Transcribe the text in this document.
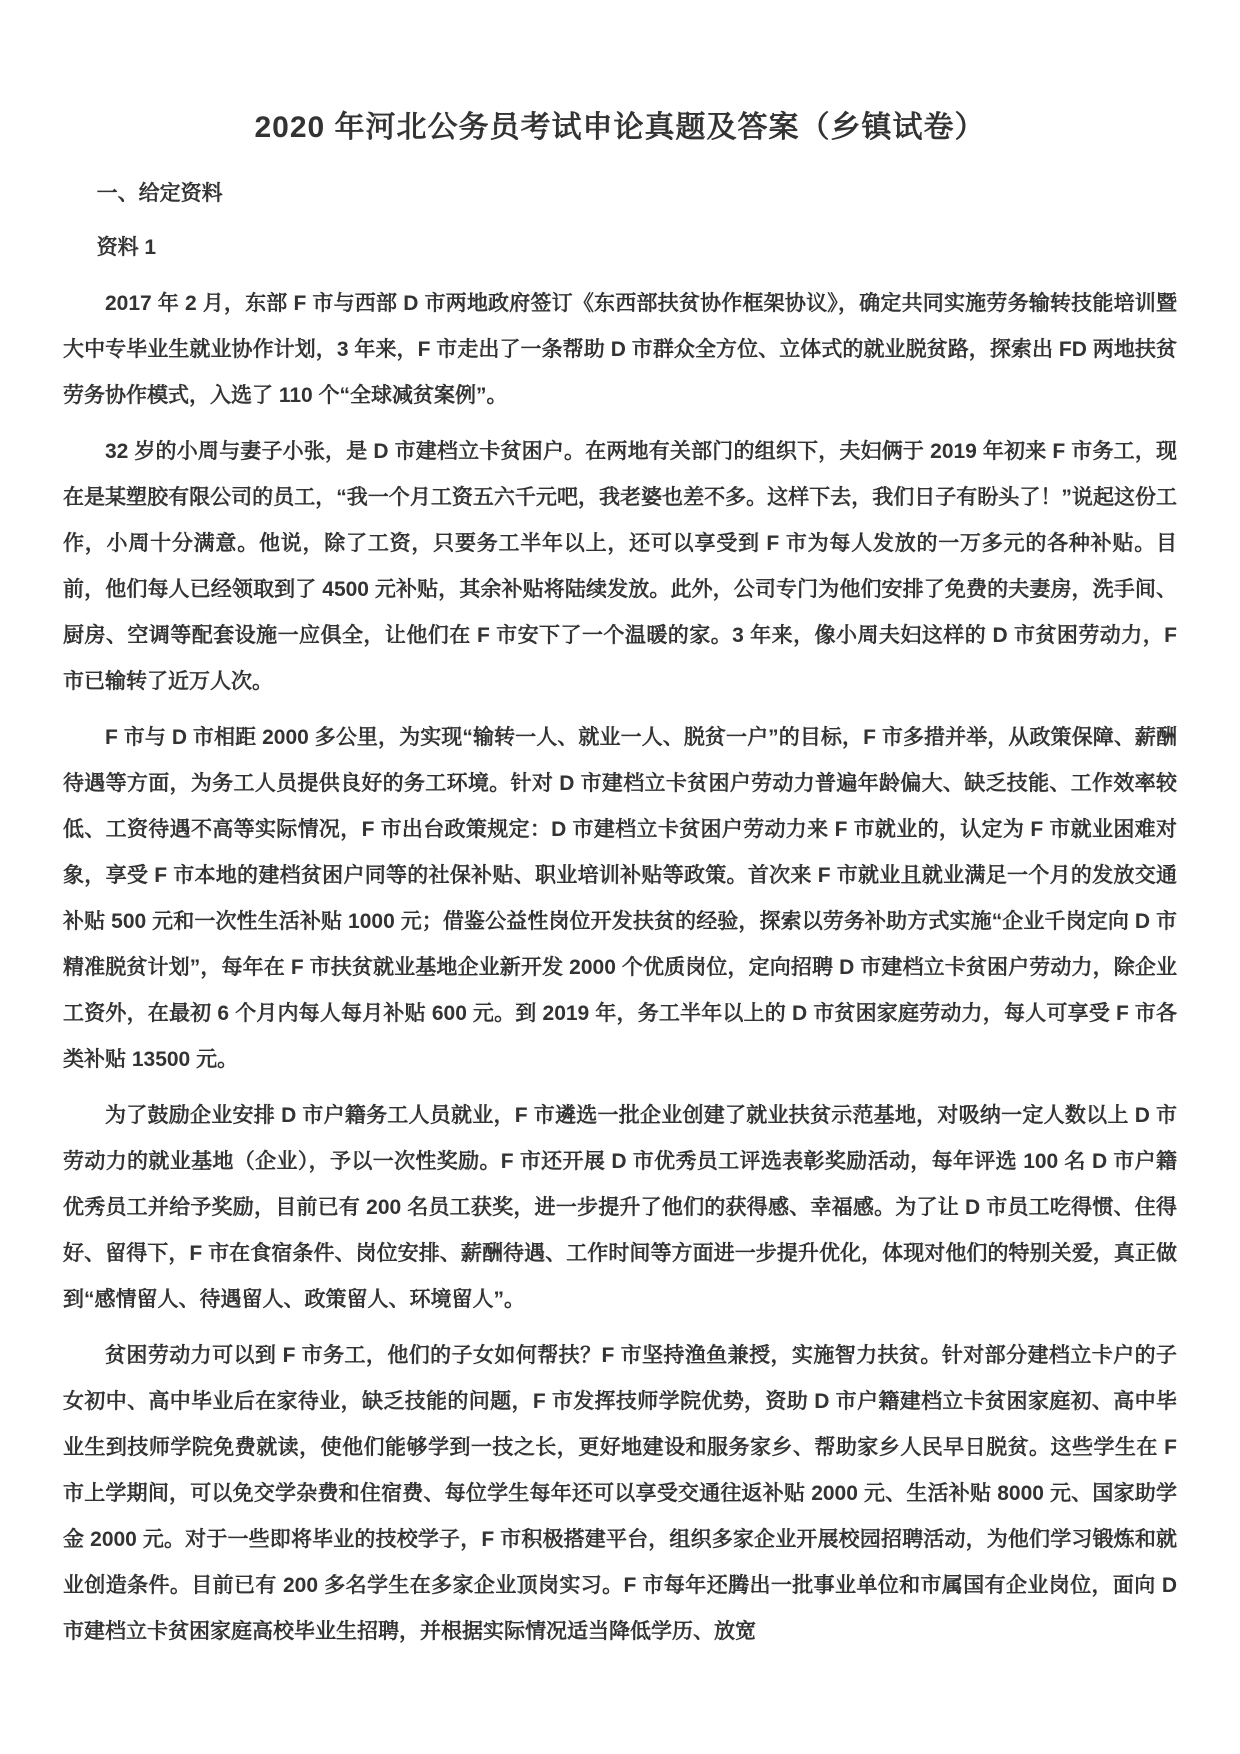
2020 年河北公务员考试申论真题及答案（乡镇试卷）
一、给定资料
资料 1

2017 年 2 月，东部 F 市与西部 D 市两地政府签订《东西部扶贫协作框架协议》，确定共同实施劳务输转技能培训暨大中专毕业生就业协作计划，3 年来，F 市走出了一条帮助 D 市群众全方位、立体式的就业脱贫路，探索出 FD 两地扶贫劳务协作模式，入选了 110 个“全球减贫案例”。

32 岁的小周与妻子小张，是 D 市建档立卡贫困户。在两地有关部门的组织下，夫妇俩于 2019 年初来 F 市务工，现在是某塑胶有限公司的员工，“我一个月工资五六千元吧，我老婆也差不多。这样下去，我们日子有盼头了！”说起这份工作，小周十分满意。他说，除了工资，只要务工半年以上，还可以享受到 F 市为每人发放的一万多元的各种补贴。目前，他们每人已经领取到了 4500 元补贴，其余补贴将陆续发放。此外，公司专门为他们安排了免费的夫妻房，洗手间、厨房、空调等配套设施一应俱全，让他们在 F 市安下了一个温暖的家。3 年来，像小周夫妇这样的 D 市贫困劳动力，F 市已输转了近万人次。

F 市与 D 市相距 2000 多公里，为实现“输转一人、就业一人、脱贫一户”的目标，F 市多措并举，从政策保障、薪酬待遇等方面，为务工人员提供良好的务工环境。针对 D 市建档立卡贫困户劳动力普遍年龄偏大、缺乏技能、工作效率较低、工资待遇不高等实际情况，F 市出台政策规定：D 市建档立卡贫困户劳动力来 F 市就业的，认定为 F 市就业困难对象，享受 F 市本地的建档贫困户同等的社保补贴、职业培训补贴等政策。首次来 F 市就业且就业满足一个月的发放交通补贴 500 元和一次性生活补贴 1000 元；借鉴公益性岗位开发扶贫的经验，探索以劳务补助方式实施“企业千岗定向 D 市精准脱贫计划”，每年在 F 市扶贫就业基地企业新开发 2000 个优质岗位，定向招聘 D 市建档立卡贫困户劳动力，除企业工资外，在最初 6 个月内每人每月补贴 600 元。到 2019 年，务工半年以上的 D 市贫困家庭劳动力，每人可享受 F 市各类补贴 13500 元。

为了鼓励企业安排 D 市户籍务工人员就业，F 市遴选一批企业创建了就业扶贫示范基地，对吸纳一定人数以上 D 市劳动力的就业基地（企业），予以一次性奖励。F 市还开展 D 市优秀员工评选表彰奖励活动，每年评选 100 名 D 市户籍优秀员工并给予奖励，目前已有 200 名员工获奖，进一步提升了他们的获得感、幸福感。为了让 D 市员工吃得惯、住得好、留得下，F 市在食宿条件、岗位安排、薪酬待遇、工作时间等方面进一步提升优化，体现对他们的特别关爱，真正做到“感情留人、待遇留人、政策留人、环境留人”。

贫困劳动力可以到 F 市务工，他们的子女如何帮扶？F 市坚持渔鱼兼授，实施智力扶贫。针对部分建档立卡户的子女初中、高中毕业后在家待业，缺乏技能的问题，F 市发挥技师学院优势，资助 D 市户籍建档立卡贫困家庭初、高中毕业生到技师学院免费就读，使他们能够学到一技之长，更好地建设和服务家乡、帮助家乡人民早日脱贫。这些学生在 F 市上学期间，可以免交学杂费和住宿费、每位学生每年还可以享受交通往返补贴 2000 元、生活补贴 8000 元、国家助学金 2000 元。对于一些即将毕业的技校学子，F 市积极搭建平台，组织多家企业开展校园招聘活动，为他们学习锻炼和就业创造条件。目前已有 200 多名学生在多家企业顶岗实习。F 市每年还腾出一批事业单位和市属国有企业岗位，面向 D 市建档立卡贫困家庭高校毕业生招聘，并根据实际情况适当降低学历、放宽
